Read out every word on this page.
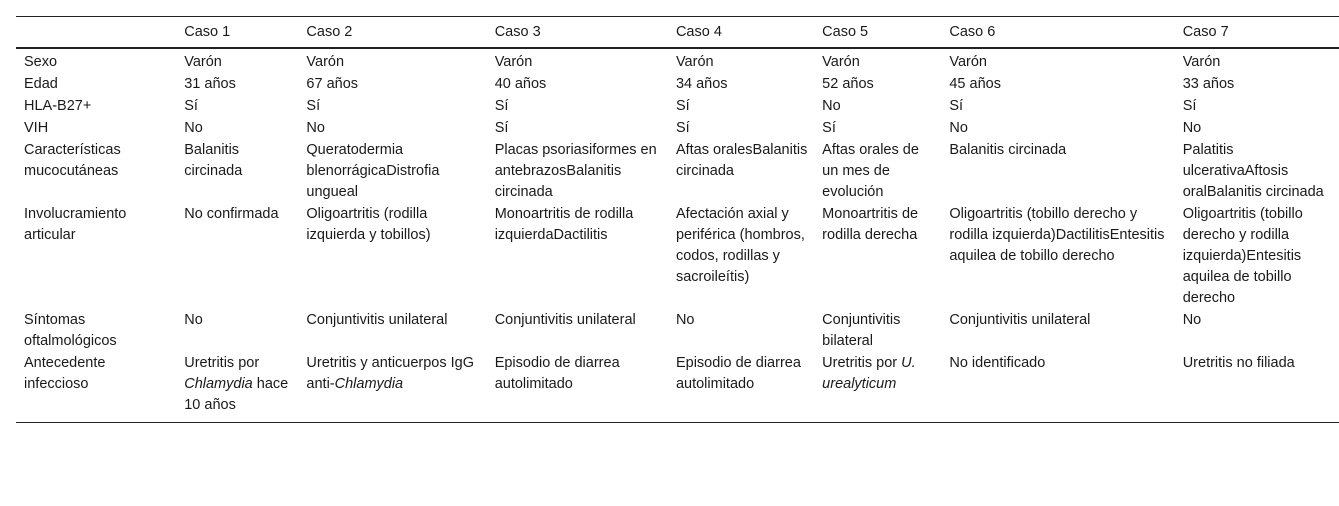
	Caso 1	Caso 2	Caso 3	Caso 4	Caso 5	Caso 6	Caso 7
Sexo	Varón	Varón	Varón	Varón	Varón	Varón	Varón
Edad	31 años	67 años	40 años	34 años	52 años	45 años	33 años
HLA-B27+	Sí	Sí	Sí	Sí	No	Sí	Sí
VIH	No	No	Sí	Sí	Sí	No	No
Características mucocutáneas	Balanitis circinada	Queratodermia blenorrágicaDistrofia ungueal	Placas psoriasiformes en antebrazosBalanitis circinada	Aftas oralesBalanitis circinada	Aftas orales de un mes de evolución	Balanitis circinada	Palatitis ulcerativaAftosis oralBalanitis circinada
Involucramiento articular	No confirmada	Oligoartritis (rodilla izquierda y tobillos)	Monoartritis de rodilla izquierdaDactilitis	Afectación axial y periférica (hombros, codos, rodillas y sacroileítis)	Monoartritis de rodilla derecha	Oligoartritis (tobillo derecho y rodilla izquierda)DactilitisEntesitis aquilea de tobillo derecho	Oligoartritis (tobillo derecho y rodilla izquierda)Entesitis aquilea de tobillo derecho
Síntomas oftalmológicos	No	Conjuntivitis unilateral	Conjuntivitis unilateral	No	Conjuntivitis bilateral	Conjuntivitis unilateral	No
Antecedente infeccioso	Uretritis por Chlamydia hace 10 años	Uretritis y anticuerpos IgG anti-Chlamydia	Episodio de diarrea autolimitado	Episodio de diarrea autolimitado	Uretritis por U. urealyticum	No identificado	Uretritis no filiada
